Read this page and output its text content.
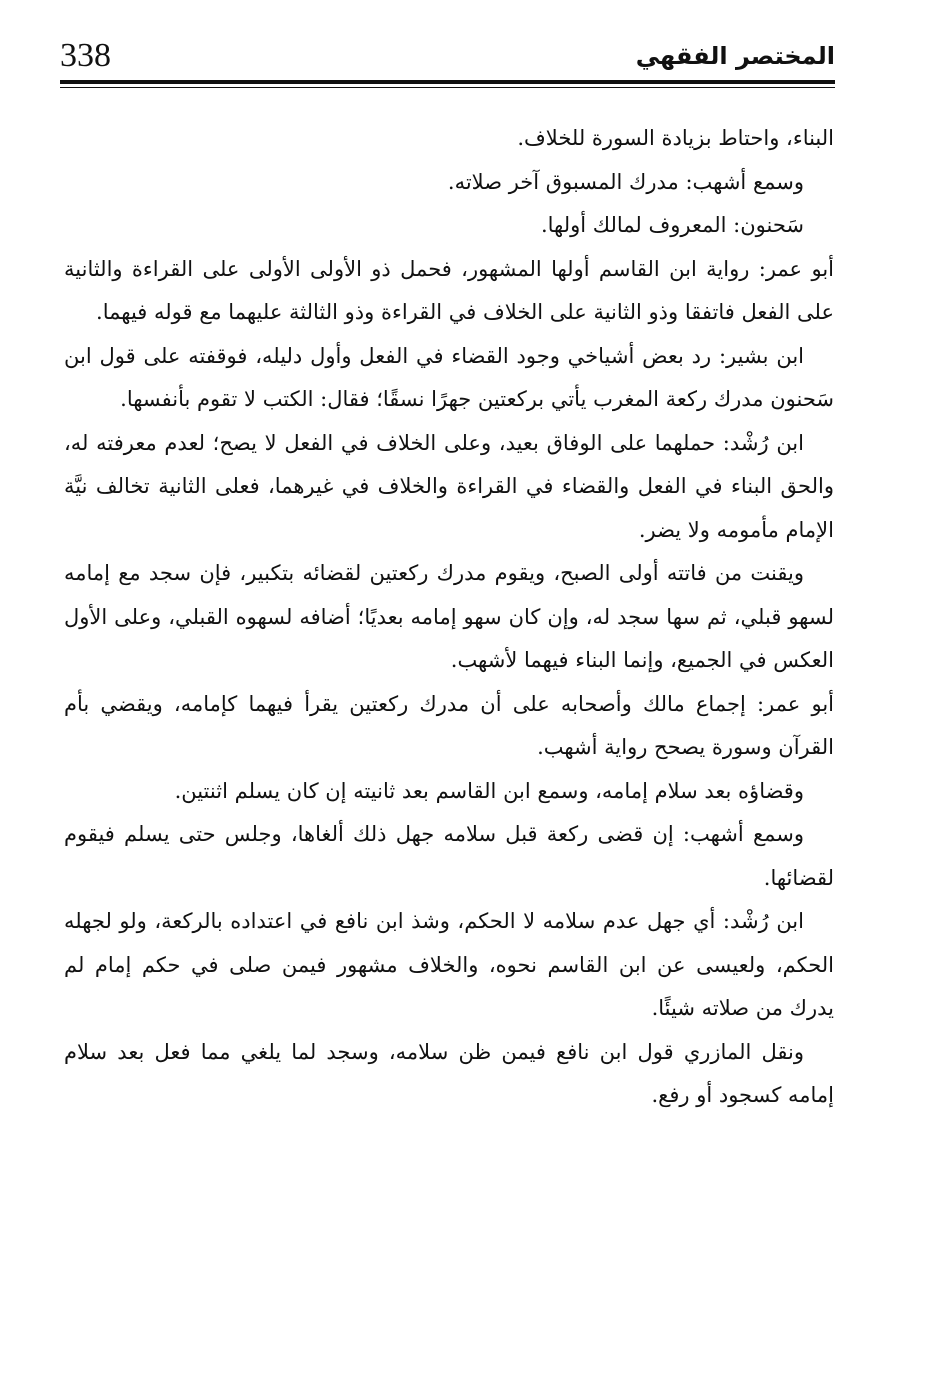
338	المختصر الفقهي

البناء، واحتاط بزيادة السورة للخلاف.

وسمع أشهب: مدرك المسبوق آخر صلاته.

سَحنون: المعروف لمالك أولها.

أبو عمر: رواية ابن القاسم أولها المشهور، فحمل ذو الأولى الأولى على القراءة والثانية على الفعل فاتفقا وذو الثانية على الخلاف في القراءة وذو الثالثة عليهما مع قوله فيهما.

ابن بشير: رد بعض أشياخي وجود القضاء في الفعل وأول دليله، فوقفته على قول ابن سَحنون مدرك ركعة المغرب يأتي بركعتين جهرًا نسقًا؛ فقال: الكتب لا تقوم بأنفسها.

ابن رُشْد: حملهما على الوفاق بعيد، وعلى الخلاف في الفعل لا يصح؛ لعدم معرفته له، والحق البناء في الفعل والقضاء في القراءة والخلاف في غيرهما، فعلى الثانية تخالف نيَّة الإمام مأمومه ولا يضر.

ويقنت من فاتته أولى الصبح، ويقوم مدرك ركعتين لقضائه بتكبير، فإن سجد مع إمامه لسهو قبلي، ثم سها سجد له، وإن كان سهو إمامه بعديًا؛ أضافه لسهوه القبلي، وعلى الأول العكس في الجميع، وإنما البناء فيهما لأشهب.

أبو عمر: إجماع مالك وأصحابه على أن مدرك ركعتين يقرأ فيهما كإمامه، ويقضي بأم القرآن وسورة يصحح رواية أشهب.

وقضاؤه بعد سلام إمامه، وسمع ابن القاسم بعد ثانيته إن كان يسلم اثنتين.

وسمع أشهب: إن قضى ركعة قبل سلامه جهل ذلك ألغاها، وجلس حتى يسلم فيقوم لقضائها.

ابن رُشْد: أي جهل عدم سلامه لا الحكم، وشذ ابن نافع في اعتداده بالركعة، ولو لجهله الحكم، ولعيسى عن ابن القاسم نحوه، والخلاف مشهور فيمن صلى في حكم إمام لم يدرك من صلاته شيئًا.

ونقل المازري قول ابن نافع فيمن ظن سلامه، وسجد لما يلغي مما فعل بعد سلام إمامه كسجود أو رفع.
